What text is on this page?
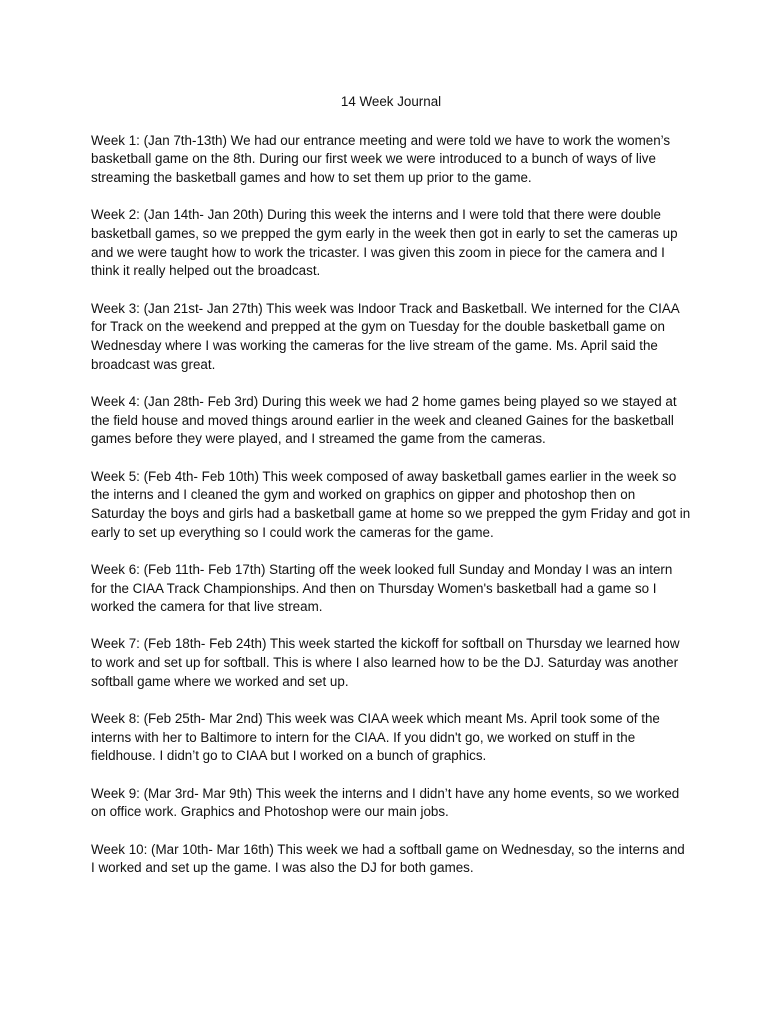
14 Week Journal

Week 1: (Jan 7th-13th) We had our entrance meeting and were told we have to work the women’s basketball game on the 8th. During our first week we were introduced to a bunch of ways of live streaming the basketball games and how to set them up prior to the game.

Week 2: (Jan 14th- Jan 20th) During this week the interns and I were told that there were double basketball games, so we prepped the gym early in the week then got in early to set the cameras up and we were taught how to work the tricaster. I was given this zoom in piece for the camera and I think it really helped out the broadcast.

Week 3: (Jan 21st- Jan 27th) This week was Indoor Track and Basketball. We interned for the CIAA for Track on the weekend and prepped at the gym on Tuesday for the double basketball game on Wednesday where I was working the cameras for the live stream of the game. Ms. April said the broadcast was great.

Week 4: (Jan 28th- Feb 3rd) During this week we had 2 home games being played so we stayed at the field house and moved things around earlier in the week and cleaned Gaines for the basketball games before they were played, and I streamed the game from the cameras.

Week 5: (Feb 4th- Feb 10th) This week composed of away basketball games earlier in the week so the interns and I cleaned the gym and worked on graphics on gipper and photoshop then on Saturday the boys and girls had a basketball game at home so we prepped the gym Friday and got in early to set up everything so I could work the cameras for the game.

Week 6: (Feb 11th- Feb 17th) Starting off the week looked full Sunday and Monday I was an intern for the CIAA Track Championships. And then on Thursday Women's basketball had a game so I worked the camera for that live stream.

Week 7: (Feb 18th- Feb 24th) This week started the kickoff for softball on Thursday we learned how to work and set up for softball. This is where I also learned how to be the DJ. Saturday was another softball game where we worked and set up.

Week 8: (Feb 25th- Mar 2nd) This week was CIAA week which meant Ms. April took some of the interns with her to Baltimore to intern for the CIAA. If you didn't go, we worked on stuff in the fieldhouse. I didn’t go to CIAA but I worked on a bunch of graphics.

Week 9: (Mar 3rd- Mar 9th) This week the interns and I didn’t have any home events, so we worked on office work. Graphics and Photoshop were our main jobs.

Week 10: (Mar 10th- Mar 16th) This week we had a softball game on Wednesday, so the interns and I worked and set up the game. I was also the DJ for both games.
